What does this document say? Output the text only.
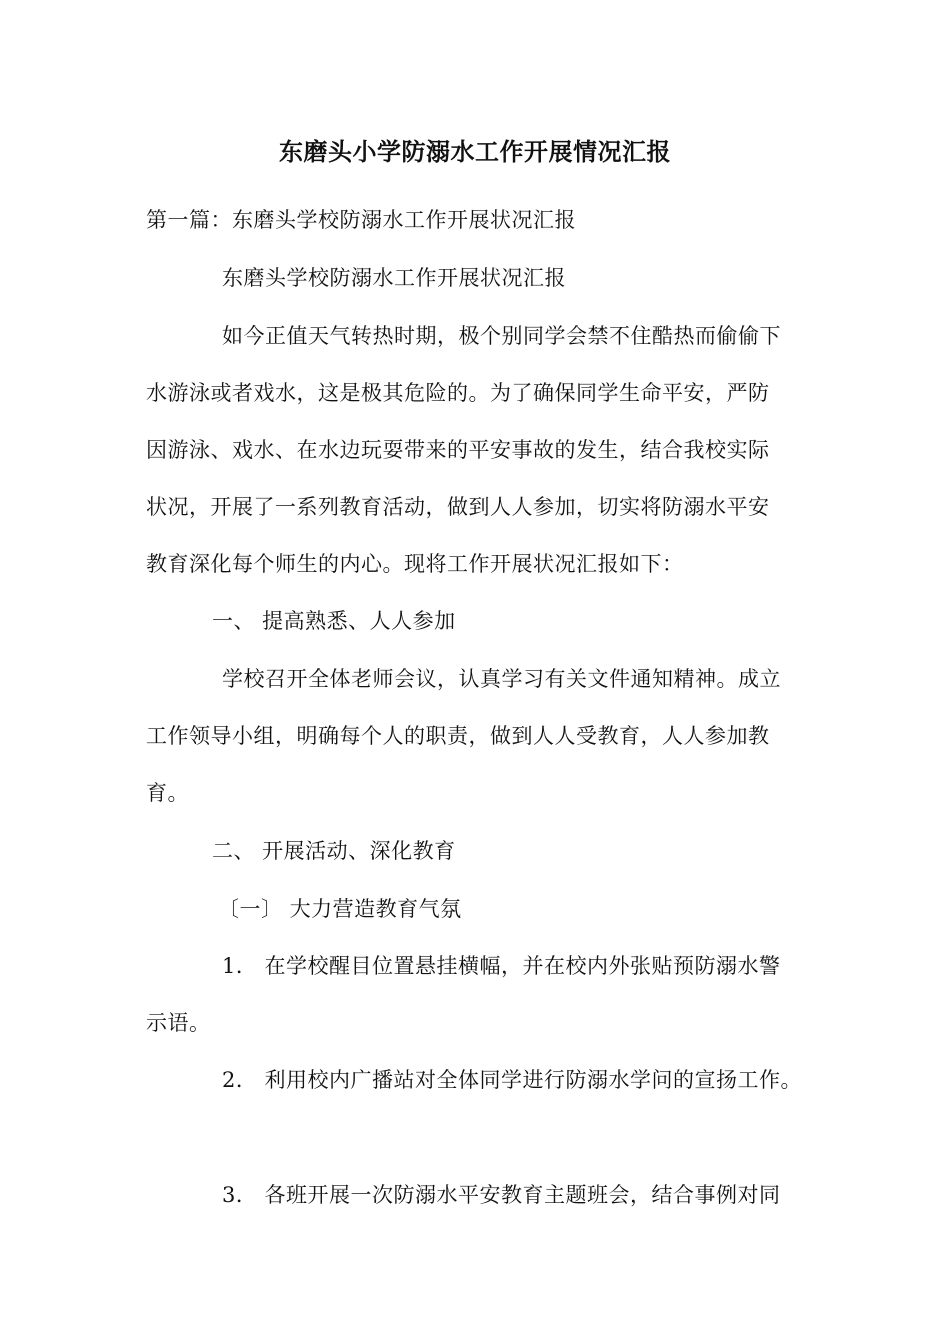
东磨头小学防溺水工作开展情况汇报
第一篇：东磨头学校防溺水工作开展状况汇报
东磨头学校防溺水工作开展状况汇报
如今正值天气转热时期，极个别同学会禁不住酷热而偷偷下
水游泳或者戏水，这是极其危险的。为了确保同学生命平安，严防
因游泳、戏水、在水边玩耍带来的平安事故的发生，结合我校实际
状况，开展了一系列教育活动，做到人人参加，切实将防溺水平安
教育深化每个师生的内心。现将工作开展状况汇报如下：
一、 提高熟悉、人人参加
学校召开全体老师会议，认真学习有关文件通知精神。成立
工作领导小组，明确每个人的职责，做到人人受教育，人人参加教
育。
二、 开展活动、深化教育
〔一〕 大力营造教育气氛
1． 在学校醒目位置悬挂横幅，并在校内外张贴预防溺水警
示语。
2． 利用校内广播站对全体同学进行防溺水学问的宣扬工作。
3． 各班开展一次防溺水平安教育主题班会，结合事例对同
